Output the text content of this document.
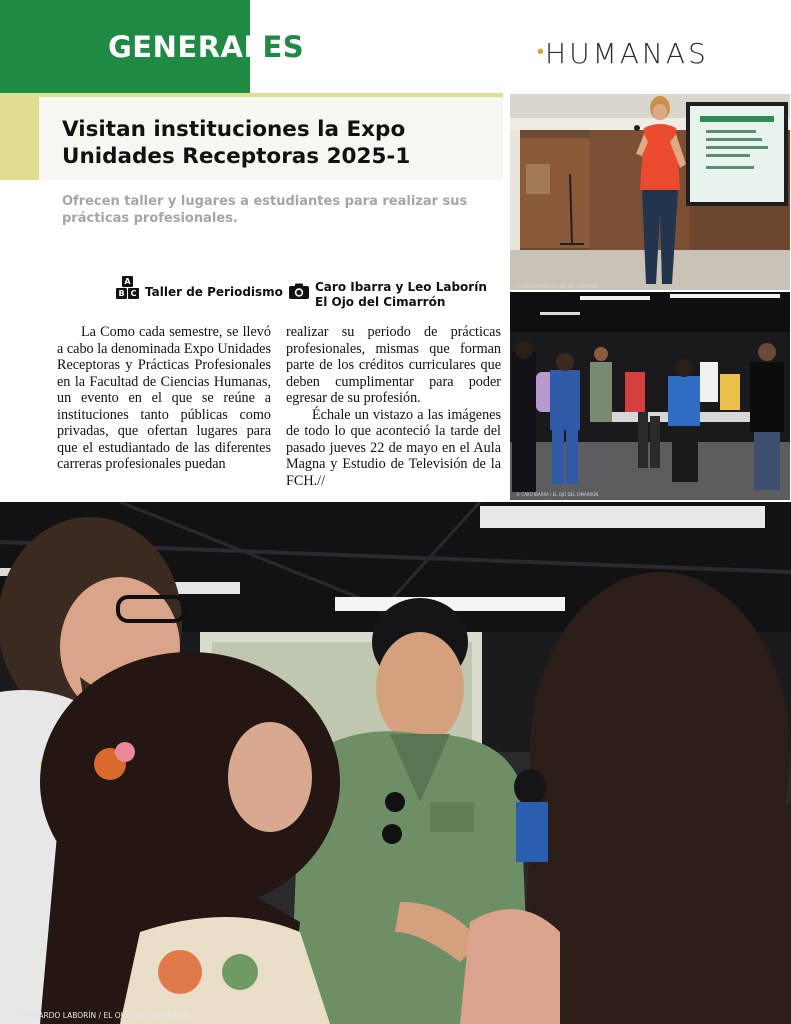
GENERALES	•HUMANAS
Visitan instituciones la Expo
Unidades Receptoras 2025-1

Ofrecen taller y lugares a estudiantes para realizar sus prácticas profesionales.

A
B C Taller de Periodismo	Caro Ibarra y Leo Laborín
El Ojo del Cimarrón

La Como cada semestre, se llevó a cabo la denominada Expo Unidades Receptoras y Prácticas Profesionales en la Facultad de Ciencias Humanas, un evento en el que se reúne a instituciones tanto públicas como privadas, que ofertan lugares para que el estudiantado de las diferentes carreras profesionales puedan

realizar su periodo de prácticas profesionales, mismas que forman parte de los créditos curriculares que deben cumplimentar para poder egresar de su profesión.

Échale un vistazo a las imágenes de todo lo que aconteció la tarde del pasado jueves 22 de mayo en el Aula Magna y Estudio de Televisión de la FCH.//

© CARO IBARRA / EL OJO DEL CIMARRÓN
© CARO IBARRA / EL OJO DEL CIMARRÓN
© LEONARDO LABORÍN / EL OJO DEL CIMARRÓN
